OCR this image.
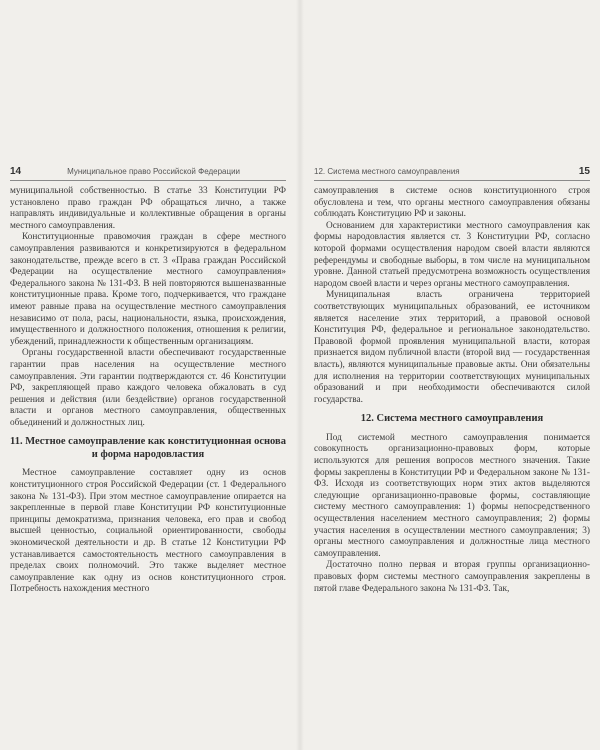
14	Муниципальное право Российской Федерации

муниципальной собственностью. В статье 33 Конституции РФ установлено право граждан РФ обращаться лично, а также направлять индивидуальные и коллективные обращения в органы местного самоуправления.

Конституционные правомочия граждан в сфере местного самоуправления развиваются и конкретизируются в федеральном законодательстве, прежде всего в ст. 3 «Права граждан Российской Федерации на осуществление местного самоуправления» Федерального закона № 131-ФЗ. В ней повторяются вышеназванные конституционные права. Кроме того, подчеркивается, что граждане имеют равные права на осуществление местного самоуправления независимо от пола, расы, национальности, языка, происхождения, имущественного и должностного положения, отношения к религии, убеждений, принадлежности к общественным организациям.

Органы государственной власти обеспечивают государственные гарантии прав населения на осуществление местного самоуправления. Эти гарантии подтверждаются ст. 46 Конституции РФ, закрепляющей право каждого человека обжаловать в суд решения и действия (или бездействие) органов государственной власти и органов местного самоуправления, общественных объединений и должностных лиц.

11. Местное самоуправление как конституционная основа и форма народовластия

Местное самоуправление составляет одну из основ конституционного строя Российской Федерации (ст. 1 Федерального закона № 131-ФЗ). При этом местное самоуправление опирается на закрепленные в первой главе Конституции РФ конституционные принципы демократизма, признания человека, его прав и свобод высшей ценностью, социальной ориентированности, свободы экономической деятельности и др. В статье 12 Конституции РФ устанавливается самостоятельность местного самоуправления в пределах своих полномочий. Это также выделяет местное самоуправление как одну из основ конституционного строя. Потребность нахождения местного

12. Система местного самоуправления	15

самоуправления в системе основ конституционного строя обусловлена и тем, что органы местного самоуправления обязаны соблюдать Конституцию РФ и законы.

Основанием для характеристики местного самоуправления как формы народовластия является ст. 3 Конституции РФ, согласно которой формами осуществления народом своей власти являются референдумы и свободные выборы, в том числе на муниципальном уровне. Данной статьей предусмотрена возможность осуществления народом своей власти и через органы местного самоуправления.

Муниципальная власть ограничена территорией соответствующих муниципальных образований, ее источником является население этих территорий, а правовой основой Конституция РФ, федеральное и региональное законодательство. Правовой формой проявления муниципальной власти, которая признается видом публичной власти (второй вид — государственная власть), являются муниципальные правовые акты. Они обязательны для исполнения на территории соответствующих муниципальных образований и при необходимости обеспечиваются силой государства.

12. Система местного самоуправления

Под системой местного самоуправления понимается совокупность организационно-правовых форм, которые используются для решения вопросов местного значения. Такие формы закреплены в Конституции РФ и Федеральном законе № 131-ФЗ. Исходя из соответствующих норм этих актов выделяются следующие организационно-правовые формы, составляющие систему местного самоуправления: 1) формы непосредственного осуществления населением местного самоуправления; 2) формы участия населения в осуществлении местного самоуправления; 3) органы местного самоуправления и должностные лица местного самоуправления.

Достаточно полно первая и вторая группы организационно-правовых форм системы местного самоуправления закреплены в пятой главе Федерального закона № 131-ФЗ. Так,
